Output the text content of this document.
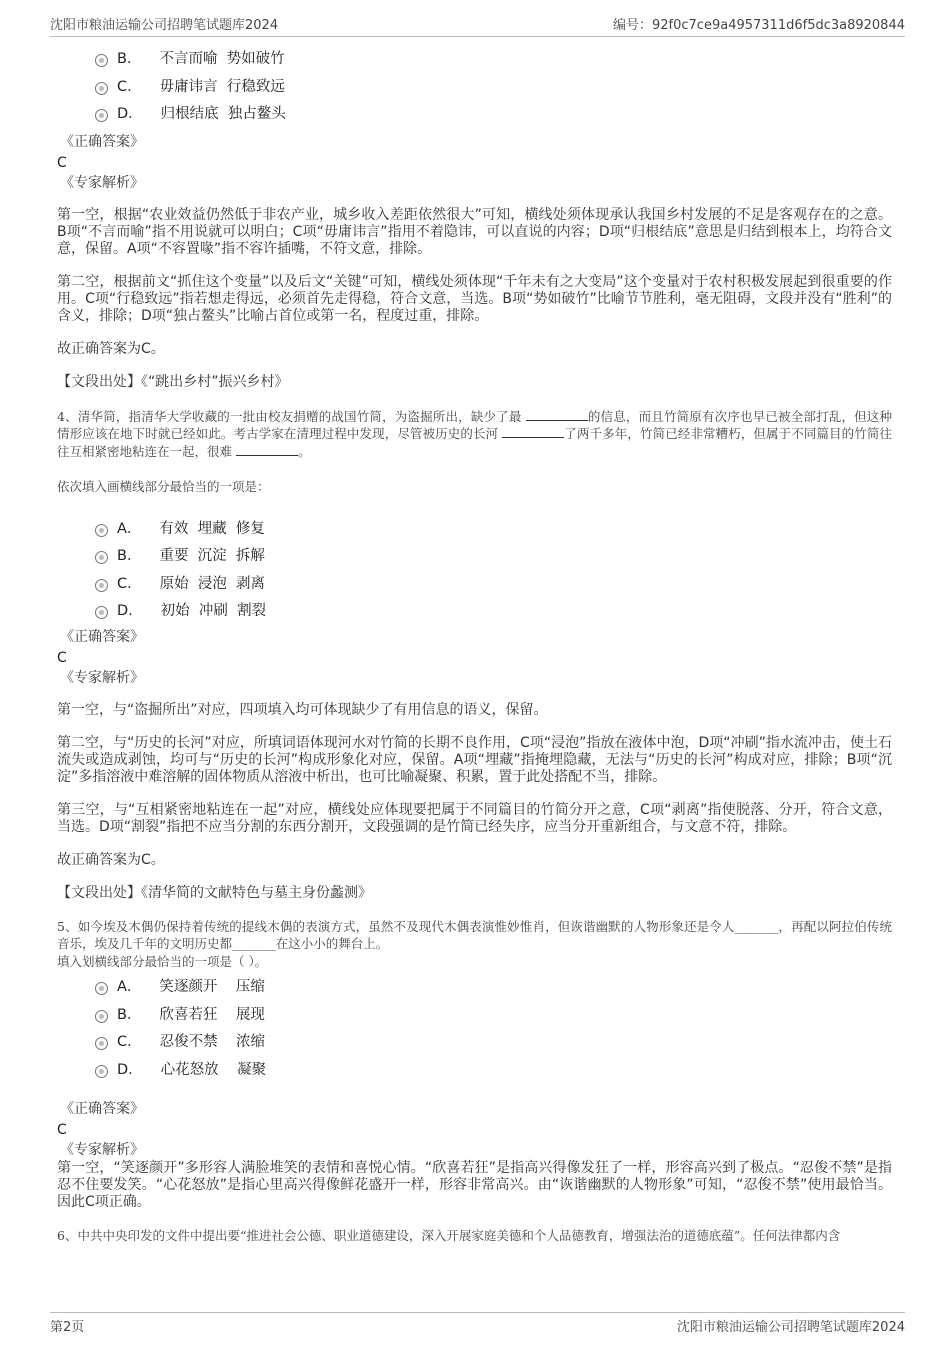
沈阳市粮油运输公司招聘笔试题库2024	编号：92f0c7ce9a4957311d6f5dc3a8920844
B． 不言而喻  势如破竹
C． 毋庸讳言  行稳致远
D． 归根结底  独占鳌头
《正确答案》
C
《专家解析》

第一空，根据“农业效益仍然低于非农产业，城乡收入差距依然很大”可知，横线处须体现承认我国乡村发展的不足是客观存在的之意。B项“不言而喻”指不用说就可以明白；C项“毋庸讳言”指用不着隐讳，可以直说的内容；D项“归根结底”意思是归结到根本上，均符合文意，保留。A项“不容置喙”指不容许插嘴，不符文意，排除。

第二空，根据前文“抓住这个变量”以及后文“关键”可知，横线处须体现“千年未有之大变局”这个变量对于农村积极发展起到很重要的作用。C项“行稳致远”指若想走得远，必须首先走得稳，符合文意，当选。B项“势如破竹”比喻节节胜利，毫无阻碍，文段并没有“胜利”的含义，排除；D项“独占鳌头”比喻占首位或第一名，程度过重，排除。

故正确答案为C。

【文段出处】《“跳出乡村”振兴乡村》

4、清华简，指清华大学收藏的一批由校友捐赠的战国竹简，为盗掘所出，缺少了最	的信息，而且竹简原有次序也早已被全部打乱，但这种情形应该在地下时就已经如此。考古学家在清理过程中发现，尽管被历史的长河	了两千多年，竹简已经非常糟朽，但属于不同篇目的竹简往往互相紧密地粘连在一起，很难	。

依次填入画横线部分最恰当的一项是：

A． 有效  埋藏  修复
B． 重要  沉淀  拆解
C． 原始  浸泡  剥离
D． 初始  冲刷  割裂
《正确答案》
C
《专家解析》

第一空，与“盗掘所出”对应，四项填入均可体现缺少了有用信息的语义，保留。

第二空，与“历史的长河”对应，所填词语体现河水对竹简的长期不良作用，C项“浸泡”指放在液体中泡，D项“冲刷”指水流冲击，使土石流失或造成剥蚀，均可与“历史的长河”构成形象化对应，保留。A项“埋藏”指掩埋隐藏，无法与“历史的长河”构成对应，排除；B项“沉淀”多指溶液中难溶解的固体物质从溶液中析出，也可比喻凝聚、积累，置于此处搭配不当，排除。

第三空，与“互相紧密地粘连在一起”对应，横线处应体现要把属于不同篇目的竹简分开之意，C项“剥离”指使脱落、分开，符合文意，当选。D项“割裂”指把不应当分割的东西分割开，文段强调的是竹简已经失序，应当分开重新组合，与文意不符，排除。

故正确答案为C。

【文段出处】《清华简的文献特色与墓主身份蠡测》

5、如今埃及木偶仍保持着传统的提线木偶的表演方式，虽然不及现代木偶表演惟妙惟肖，但诙谐幽默的人物形象还是令人_______，再配以阿拉伯传统音乐，埃及几千年的文明历史都_______在这小小的舞台上。

填入划横线部分最恰当的一项是（ ）。

A． 笑逐颜开    压缩
B． 欣喜若狂    展现
C． 忍俊不禁    浓缩
D． 心花怒放    凝聚
《正确答案》
C
《专家解析》

第一空，“笑逐颜开”多形容人满脸堆笑的表情和喜悦心情。“欣喜若狂”是指高兴得像发狂了一样，形容高兴到了极点。“忍俊不禁”是指忍不住要发笑。“心花怒放”是指心里高兴得像鲜花盛开一样，形容非常高兴。由“诙谐幽默的人物形象”可知，“忍俊不禁”使用最恰当。因此C项正确。

6、中共中央印发的文件中提出要“推进社会公德、职业道德建设，深入开展家庭美德和个人品德教育，增强法治的道德底蕴”。任何法律都内含

第2页	沈阳市粮油运输公司招聘笔试题库2024
